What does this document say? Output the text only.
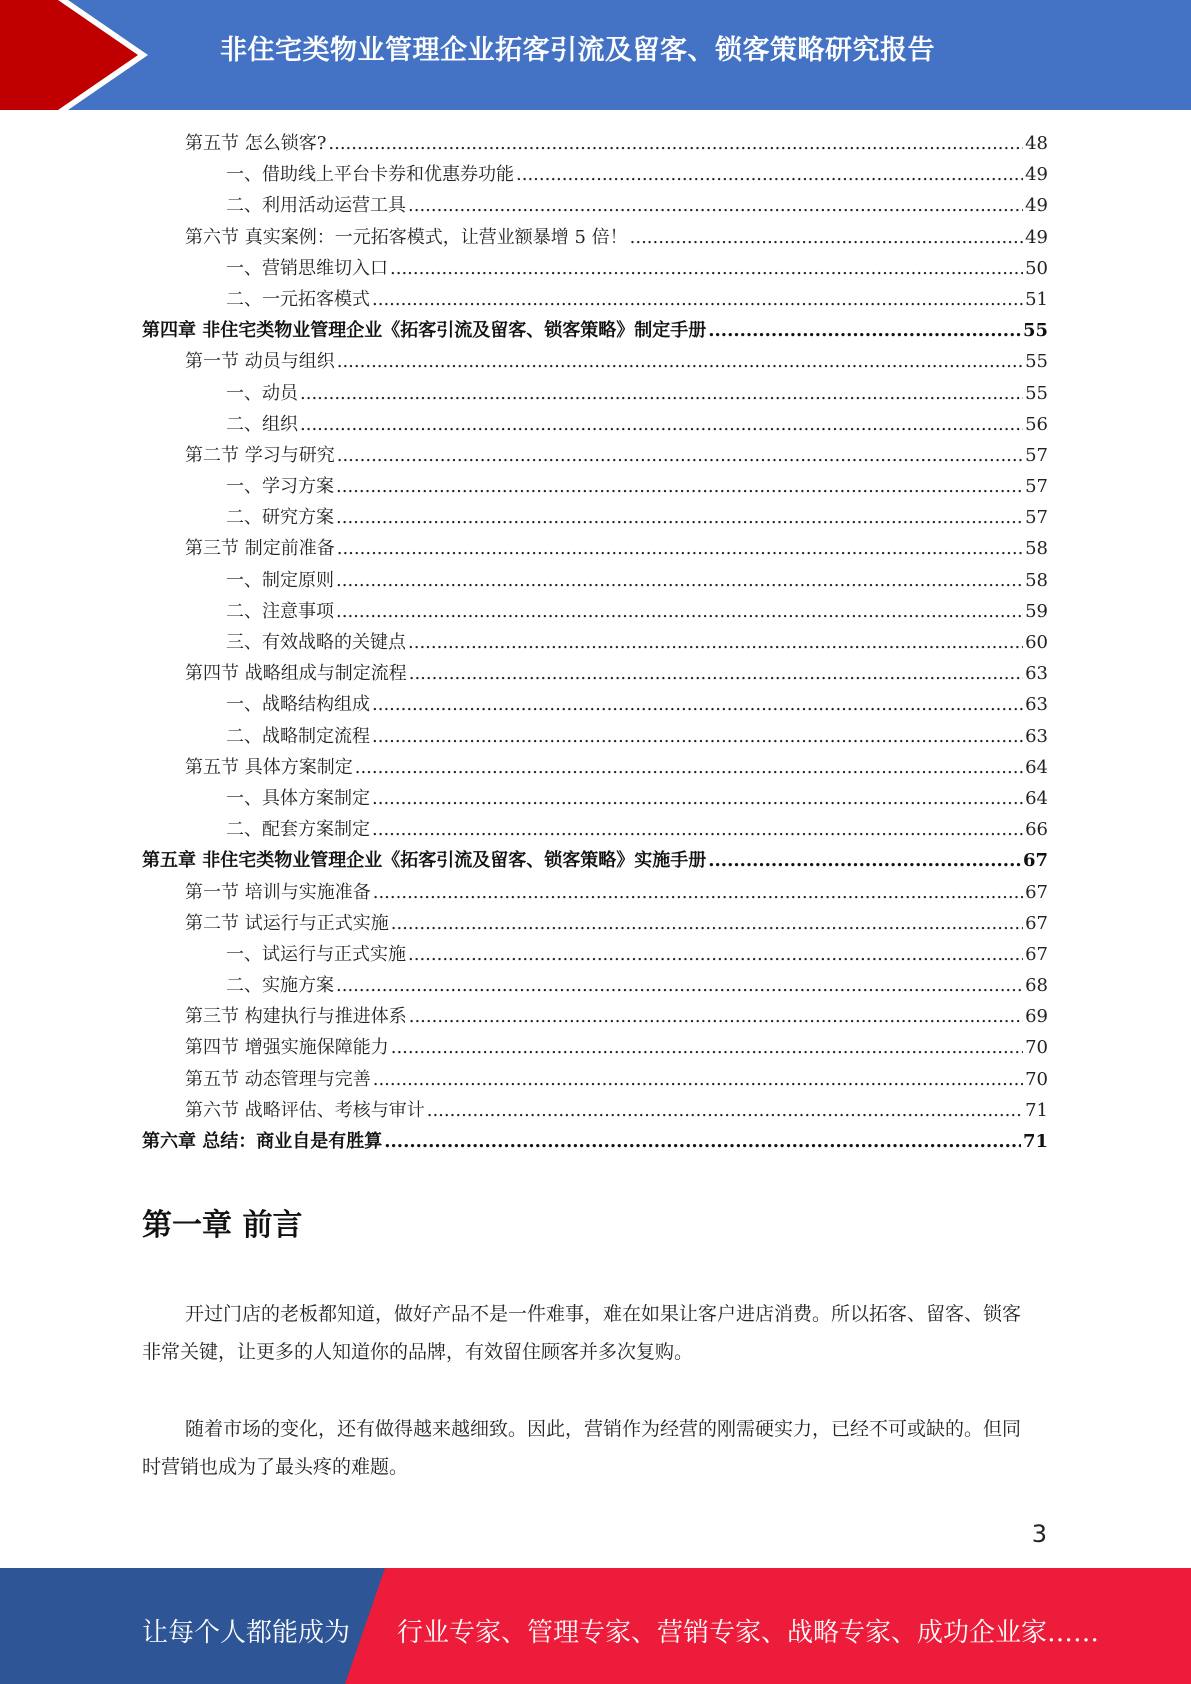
非住宅类物业管理企业拓客引流及留客、锁客策略研究报告
第五节 怎么锁客? .....	48
一、借助线上平台卡券和优惠券功能 .....	49
二、利用活动运营工具 .....	49
第六节 真实案例：一元拓客模式，让营业额暴增 5 倍！ .....	49
一、营销思维切入口 .....	50
二、一元拓客模式 .....	51
第四章 非住宅类物业管理企业《拓客引流及留客、锁客策略》制定手册 .....	55
第一节 动员与组织 .....	55
一、动员 .....	55
二、组织 .....	56
第二节 学习与研究 .....	57
一、学习方案 .....	57
二、研究方案 .....	57
第三节 制定前准备 .....	58
一、制定原则 .....	58
二、注意事项 .....	59
三、有效战略的关键点 .....	60
第四节 战略组成与制定流程 .....	63
一、战略结构组成 .....	63
二、战略制定流程 .....	63
第五节 具体方案制定 .....	64
一、具体方案制定 .....	64
二、配套方案制定 .....	66
第五章 非住宅类物业管理企业《拓客引流及留客、锁客策略》实施手册 .....	67
第一节 培训与实施准备 .....	67
第二节 试运行与正式实施 .....	67
一、试运行与正式实施 .....	67
二、实施方案 .....	68
第三节 构建执行与推进体系 .....	69
第四节 增强实施保障能力 .....	70
第五节 动态管理与完善 .....	70
第六节 战略评估、考核与审计 .....	71
第六章 总结：商业自是有胜算 .....	71
第一章 前言

开过门店的老板都知道，做好产品不是一件难事，难在如果让客户进店消费。所以拓客、留客、锁客非常关键，让更多的人知道你的品牌，有效留住顾客并多次复购。

随着市场的变化，还有做得越来越细致。因此，营销作为经营的刚需硬实力，已经不可或缺的。但同时营销也成为了最头疼的难题。

3
让每个人都能成为 行业专家、管理专家、营销专家、战略专家、成功企业家……
